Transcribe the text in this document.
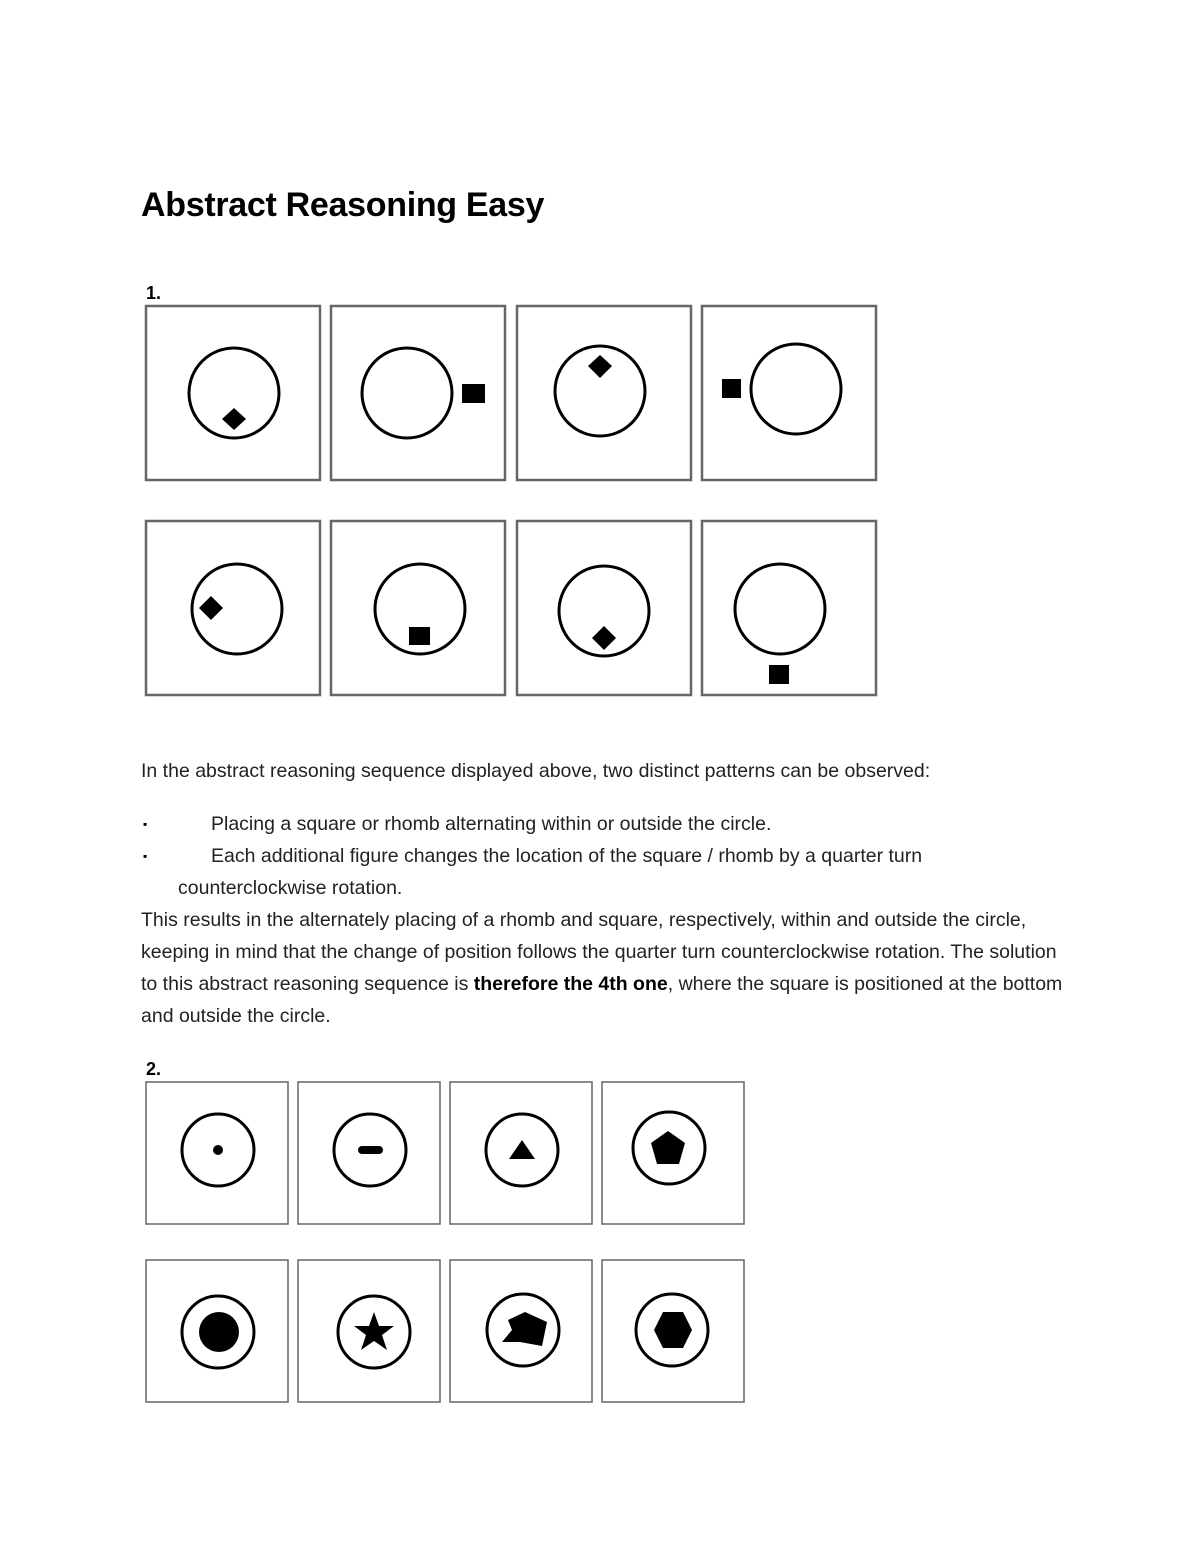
Abstract Reasoning Easy
1.

In the abstract reasoning sequence displayed above, two distinct patterns can be observed:

▪	Placing a square or rhomb alternating within or outside the circle.
▪	Each additional figure changes the location of the square / rhomb by a quarter turn counterclockwise rotation.

This results in the alternately placing of a rhomb and square, respectively, within and outside the circle, keeping in mind that the change of position follows the quarter turn counterclockwise rotation. The solution to this abstract reasoning sequence is therefore the 4th one, where the square is positioned at the bottom and outside the circle.

2.
